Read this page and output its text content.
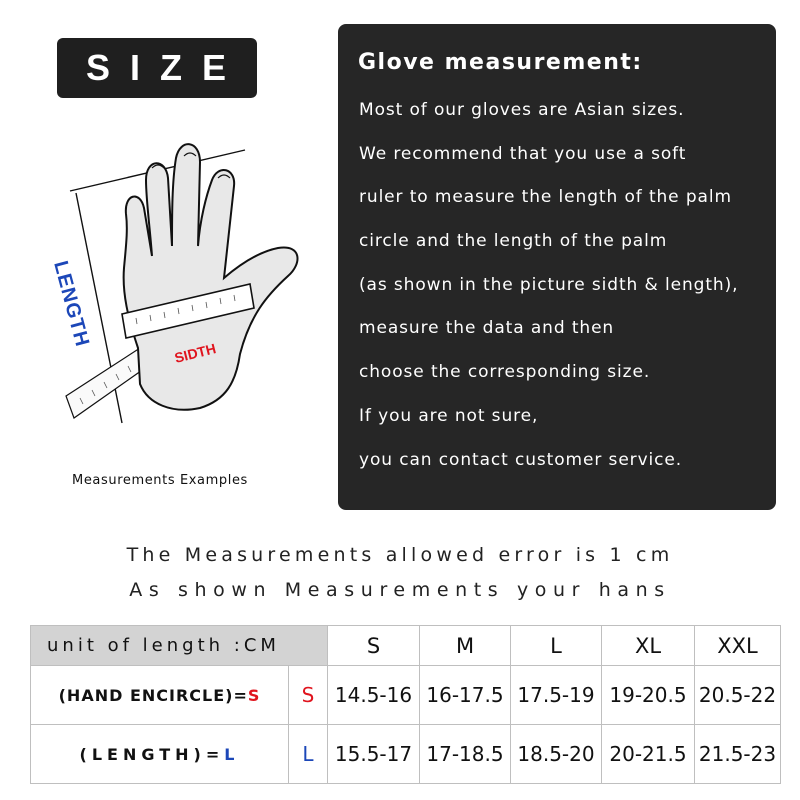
SIZE
LENGTH
SIDTH
Measurements Examples
Glove measurement:
Most of our gloves are Asian sizes.
We recommend that you use a soft
ruler to measure the length of the palm
circle and the length of the palm
(as shown in the picture sidth & length),
measure the data and then
choose the corresponding size.
If you are not sure,
you can contact customer service.
The Measurements allowed error is 1 cm
As shown Measurements your hans
unit of length :CM		S	M	L	XL	XXL
(HAND ENCIRCLE)=S	S	14.5-16	16-17.5	17.5-19	19-20.5	20.5-22
(LENGTH)=L	L	15.5-17	17-18.5	18.5-20	20-21.5	21.5-23
